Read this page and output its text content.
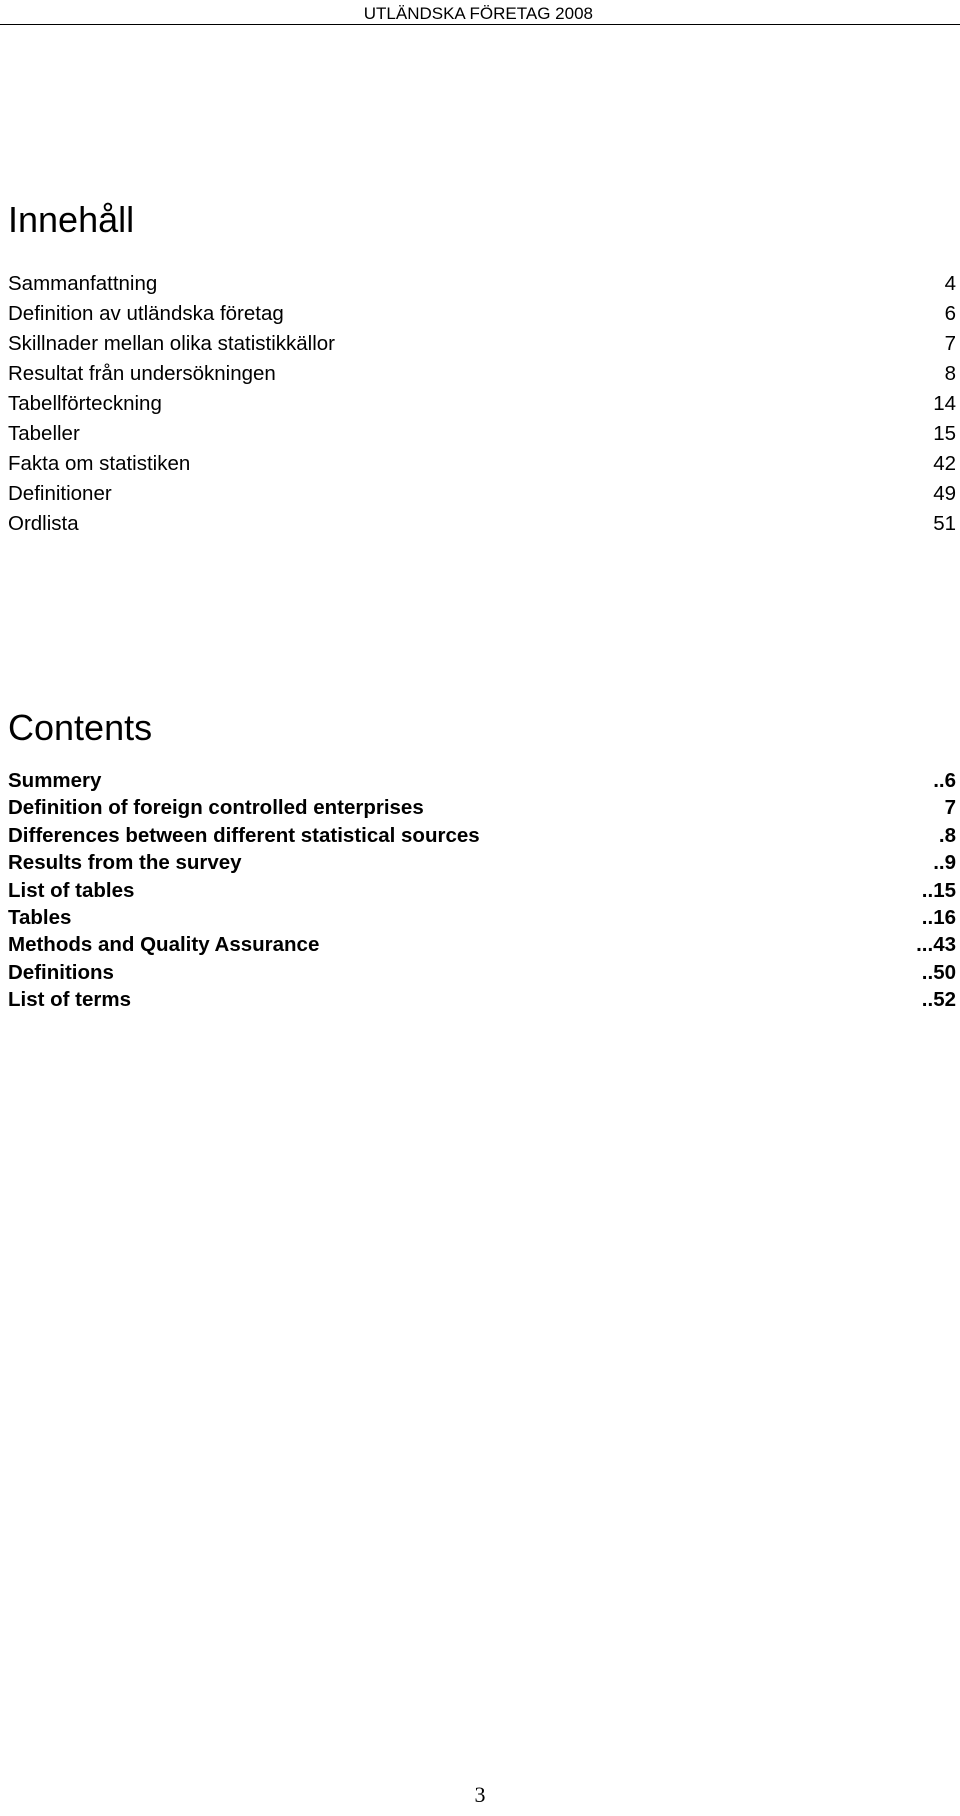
UTLÄNDSKA FÖRETAG 2008
Innehåll
Sammanfattning	4
Definition av utländska företag	6
Skillnader mellan olika statistikkällor	7
Resultat från undersökningen	8
Tabellförteckning	14
Tabeller	15
Fakta om statistiken	42
Definitioner	49
Ordlista	51
Contents
Summery	..6
Definition of foreign controlled enterprises	7
Differences between different statistical sources	.8
Results from the survey	..9
List of tables	..15
Tables	..16
Methods and Quality Assurance	...43
Definitions	..50
List of terms	..52
3
